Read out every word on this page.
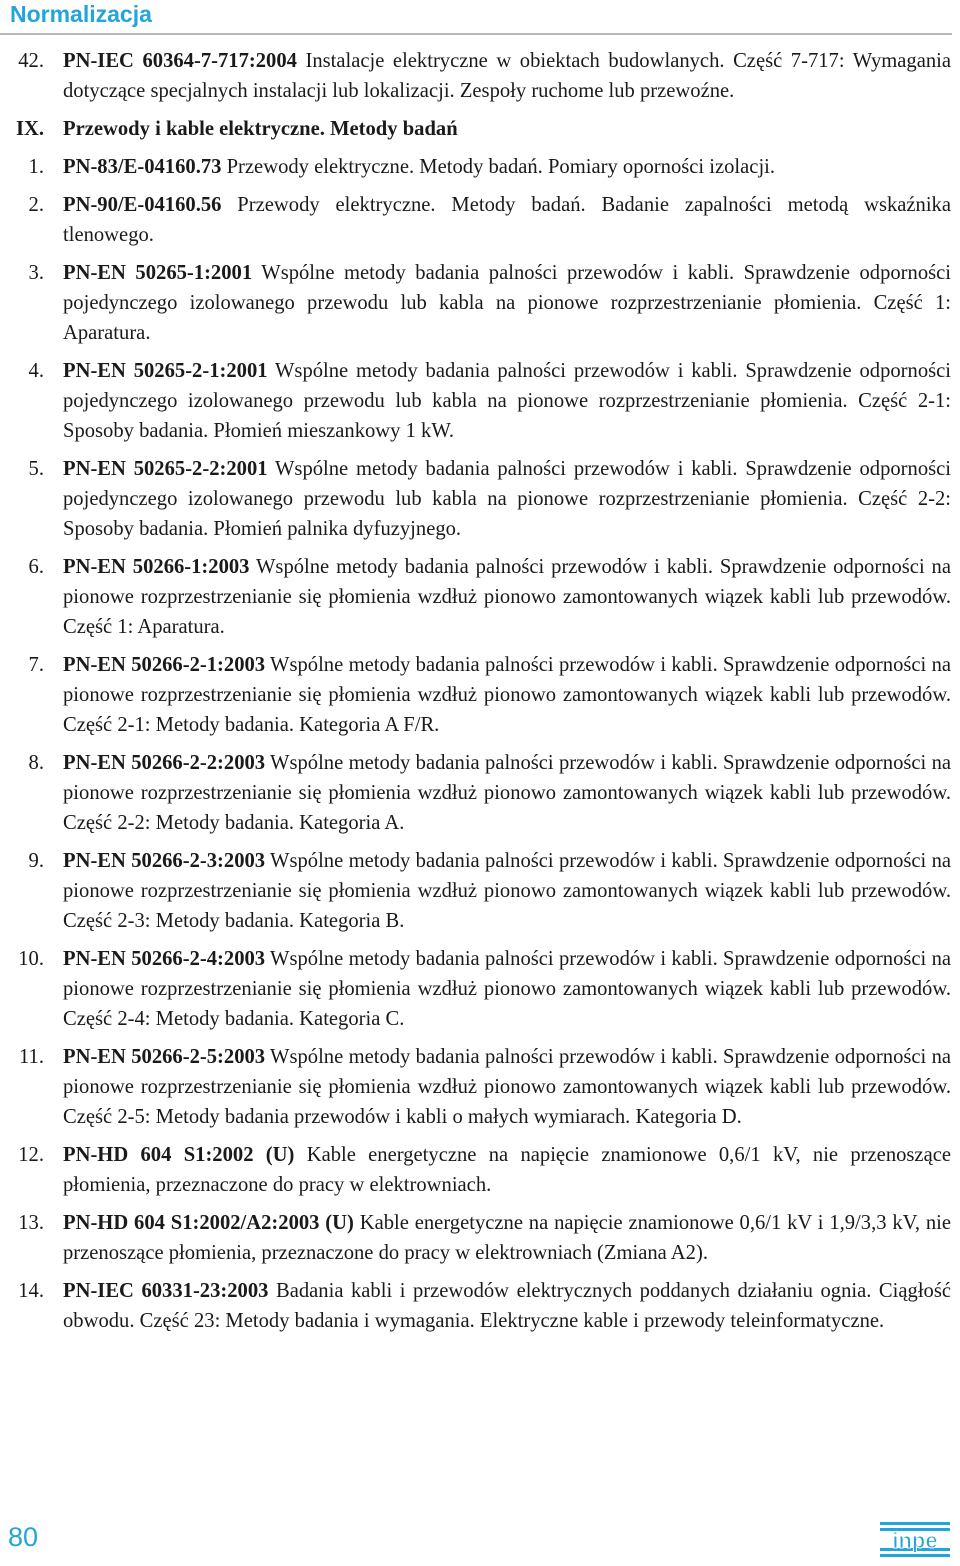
Normalizacja
42. PN-IEC 60364-7-717:2004 Instalacje elektryczne w obiektach budowlanych. Część 7-717: Wymagania dotyczące specjalnych instalacji lub lokalizacji. Zespoły ruchome lub przewoźne.
IX. Przewody i kable elektryczne. Metody badań
1. PN-83/E-04160.73 Przewody elektryczne. Metody badań. Pomiary oporności izolacji.
2. PN-90/E-04160.56 Przewody elektryczne. Metody badań. Badanie zapalności metodą wskaźnika tlenowego.
3. PN-EN 50265-1:2001 Wspólne metody badania palności przewodów i kabli. Sprawdzenie odporności pojedynczego izolowanego przewodu lub kabla na pionowe rozprzestrzenianie płomienia. Część 1: Aparatura.
4. PN-EN 50265-2-1:2001 Wspólne metody badania palności przewodów i kabli. Sprawdzenie odporności pojedynczego izolowanego przewodu lub kabla na pionowe rozprzestrzenianie płomienia. Część 2-1: Sposoby badania. Płomień mieszankowy 1 kW.
5. PN-EN 50265-2-2:2001 Wspólne metody badania palności przewodów i kabli. Sprawdzenie odporności pojedynczego izolowanego przewodu lub kabla na pionowe rozprzestrzenianie płomienia. Część 2-2: Sposoby badania. Płomień palnika dyfuzyjnego.
6. PN-EN 50266-1:2003 Wspólne metody badania palności przewodów i kabli. Sprawdzenie odporności na pionowe rozprzestrzenianie się płomienia wzdłuż pionowo zamontowanych wiązek kabli lub przewodów. Część 1: Aparatura.
7. PN-EN 50266-2-1:2003 Wspólne metody badania palności przewodów i kabli. Sprawdzenie odporności na pionowe rozprzestrzenianie się płomienia wzdłuż pionowo zamontowanych wiązek kabli lub przewodów. Część 2-1: Metody badania. Kategoria A F/R.
8. PN-EN 50266-2-2:2003 Wspólne metody badania palności przewodów i kabli. Sprawdzenie odporności na pionowe rozprzestrzenianie się płomienia wzdłuż pionowo zamontowanych wiązek kabli lub przewodów. Część 2-2: Metody badania. Kategoria A.
9. PN-EN 50266-2-3:2003 Wspólne metody badania palności przewodów i kabli. Sprawdzenie odporności na pionowe rozprzestrzenianie się płomienia wzdłuż pionowo zamontowanych wiązek kabli lub przewodów. Część 2-3: Metody badania. Kategoria B.
10. PN-EN 50266-2-4:2003 Wspólne metody badania palności przewodów i kabli. Sprawdzenie odporności na pionowe rozprzestrzenianie się płomienia wzdłuż pionowo zamontowanych wiązek kabli lub przewodów. Część 2-4: Metody badania. Kategoria C.
11. PN-EN 50266-2-5:2003 Wspólne metody badania palności przewodów i kabli. Sprawdzenie odporności na pionowe rozprzestrzenianie się płomienia wzdłuż pionowo zamontowanych wiązek kabli lub przewodów. Część 2-5: Metody badania przewodów i kabli o małych wymiarach. Kategoria D.
12. PN-HD 604 S1:2002 (U) Kable energetyczne na napięcie znamionowe 0,6/1 kV, nie przenoszące płomienia, przeznaczone do pracy w elektrowniach.
13. PN-HD 604 S1:2002/A2:2003 (U) Kable energetyczne na napięcie znamionowe 0,6/1 kV i 1,9/3,3 kV, nie przenoszące płomienia, przeznaczone do pracy w elektrowniach (Zmiana A2).
14. PN-IEC 60331-23:2003 Badania kabli i przewodów elektrycznych poddanych działaniu ognia. Ciągłość obwodu. Część 23: Metody badania i wymagania. Elektryczne kable i przewody teleinformatyczne.
80	inpe
